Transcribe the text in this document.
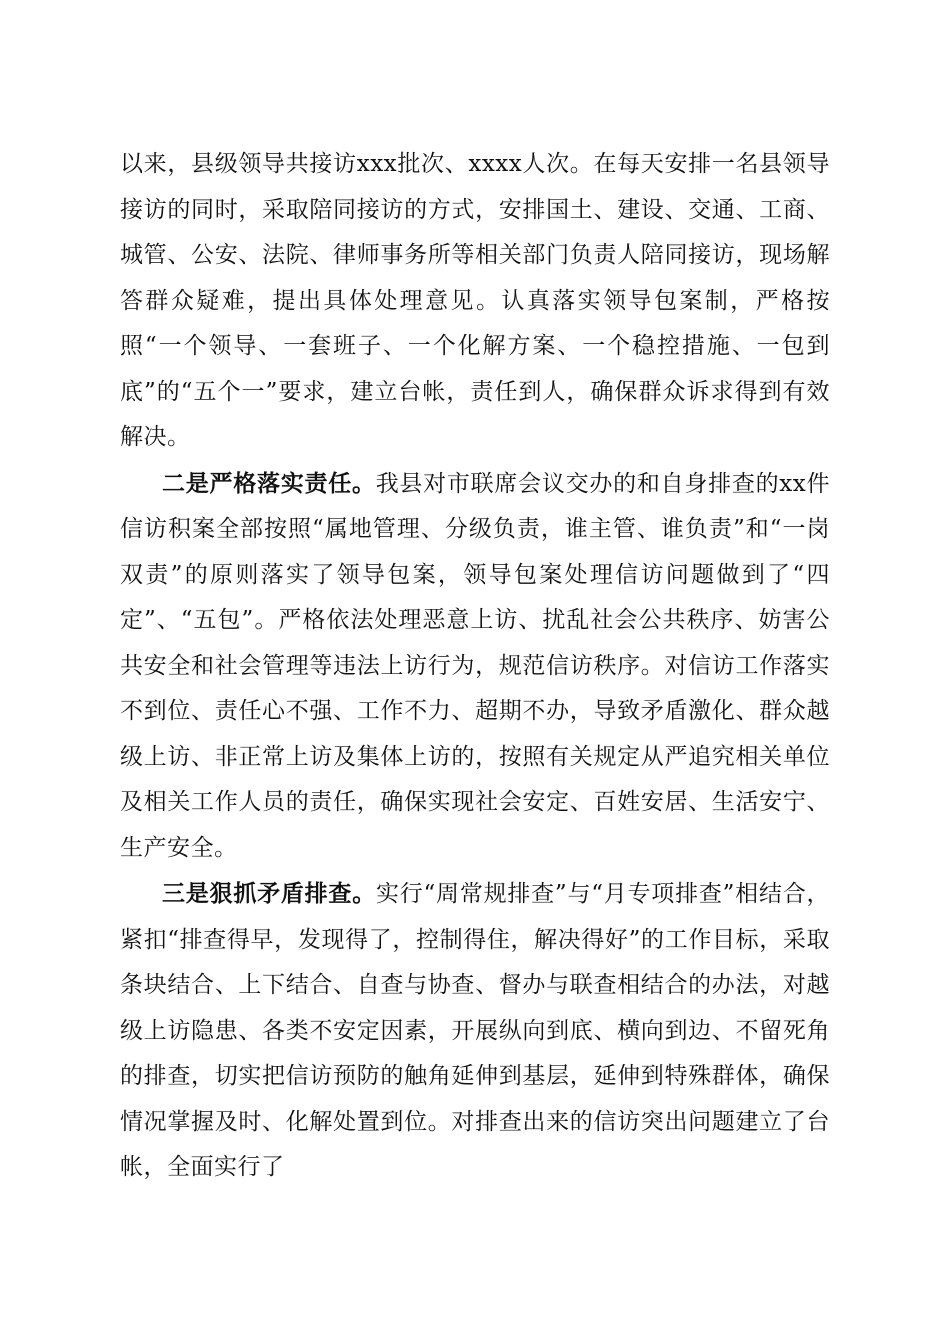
以来，县级领导共接访xxx批次、xxxx人次。在每天安排一名县领导接访的同时，采取陪同接访的方式，安排国土、建设、交通、工商、城管、公安、法院、律师事务所等相关部门负责人陪同接访，现场解答群众疑难，提出具体处理意见。认真落实领导包案制，严格按照“一个领导、一套班子、一个化解方案、一个稳控措施、一包到底”的“五个一”要求，建立台帐，责任到人，确保群众诉求得到有效解决。

二是严格落实责任。我县对市联席会议交办的和自身排查的xx件信访积案全部按照“属地管理、分级负责，谁主管、谁负责”和“一岗双责”的原则落实了领导包案，领导包案处理信访问题做到了“四定”、“五包”。严格依法处理恶意上访、扰乱社会公共秩序、妨害公共安全和社会管理等违法上访行为，规范信访秩序。对信访工作落实不到位、责任心不强、工作不力、超期不办，导致矛盾激化、群众越级上访、非正常上访及集体上访的，按照有关规定从严追究相关单位及相关工作人员的责任，确保实现社会安定、百姓安居、生活安宁、生产安全。

三是狠抓矛盾排查。实行“周常规排查”与“月专项排查”相结合，紧扣“排查得早，发现得了，控制得住，解决得好”的工作目标，采取条块结合、上下结合、自查与协查、督办与联查相结合的办法，对越级上访隐患、各类不安定因素，开展纵向到底、横向到边、不留死角的排查，切实把信访预防的触角延伸到基层，延伸到特殊群体，确保情况掌握及时、化解处置到位。对排查出来的信访突出问题建立了台帐，全面实行了
